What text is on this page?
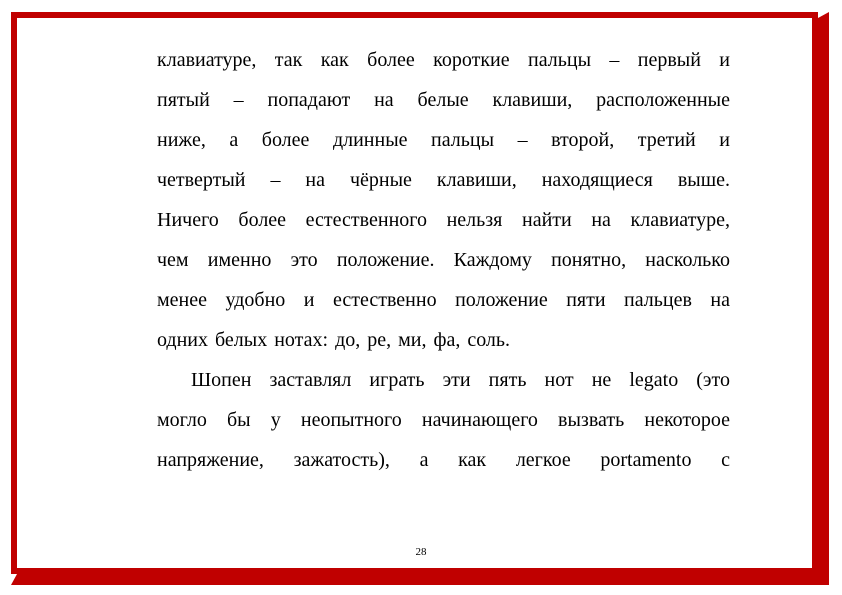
клавиатуре, так как более короткие пальцы – первый и
пятый – попадают на белые клавиши, расположенные
ниже, а более длинные пальцы – второй, третий и
четвертый – на чёрные клавиши, находящиеся выше.
Ничего более естественного нельзя найти на клавиатуре,
чем именно это положение. Каждому понятно, насколько
менее удобно и естественно положение пяти пальцев на
одних белых нотах: до, ре, ми, фа, соль.
Шопен заставлял играть эти пять нот не legato (это
могло бы у неопытного начинающего вызвать некоторое
напряжение, зажатость), а как легкое portamento с
28
